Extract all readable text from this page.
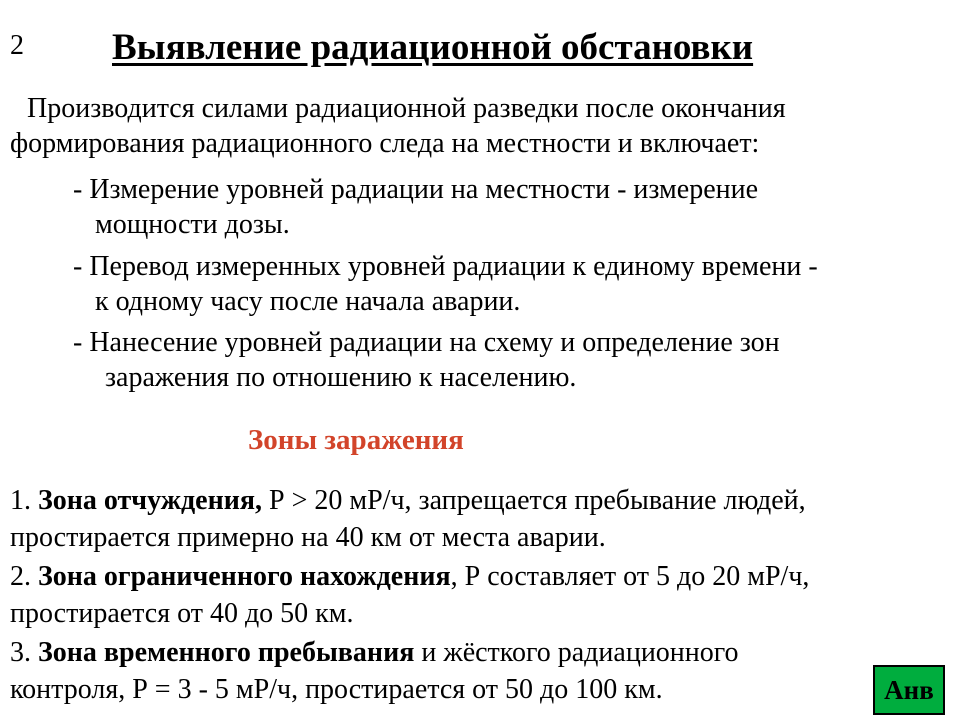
2 Выявление радиационной обстановки
Производится силами радиационной разведки после окончания
формирования радиационного следа на местности и включает:
- Измерение уровней радиации на местности - измерение
мощности дозы.
- Перевод измеренных уровней радиации к единому времени -
к одному часу после начала аварии.
- Нанесение уровней радиации на схему и определение зон
заражения по отношению к населению.
Зоны заражения
1. Зона отчуждения, Р > 20 мР/ч, запрещается пребывание людей,
простирается примерно на 40 км от места аварии.
2. Зона ограниченного нахождения, Р составляет от 5 до 20 мР/ч,
простирается от 40 до 50 км.
3. Зона временного пребывания и жёсткого радиационного
контроля, Р = 3 - 5 мР/ч, простирается от 50 до 100 км.	Анв
